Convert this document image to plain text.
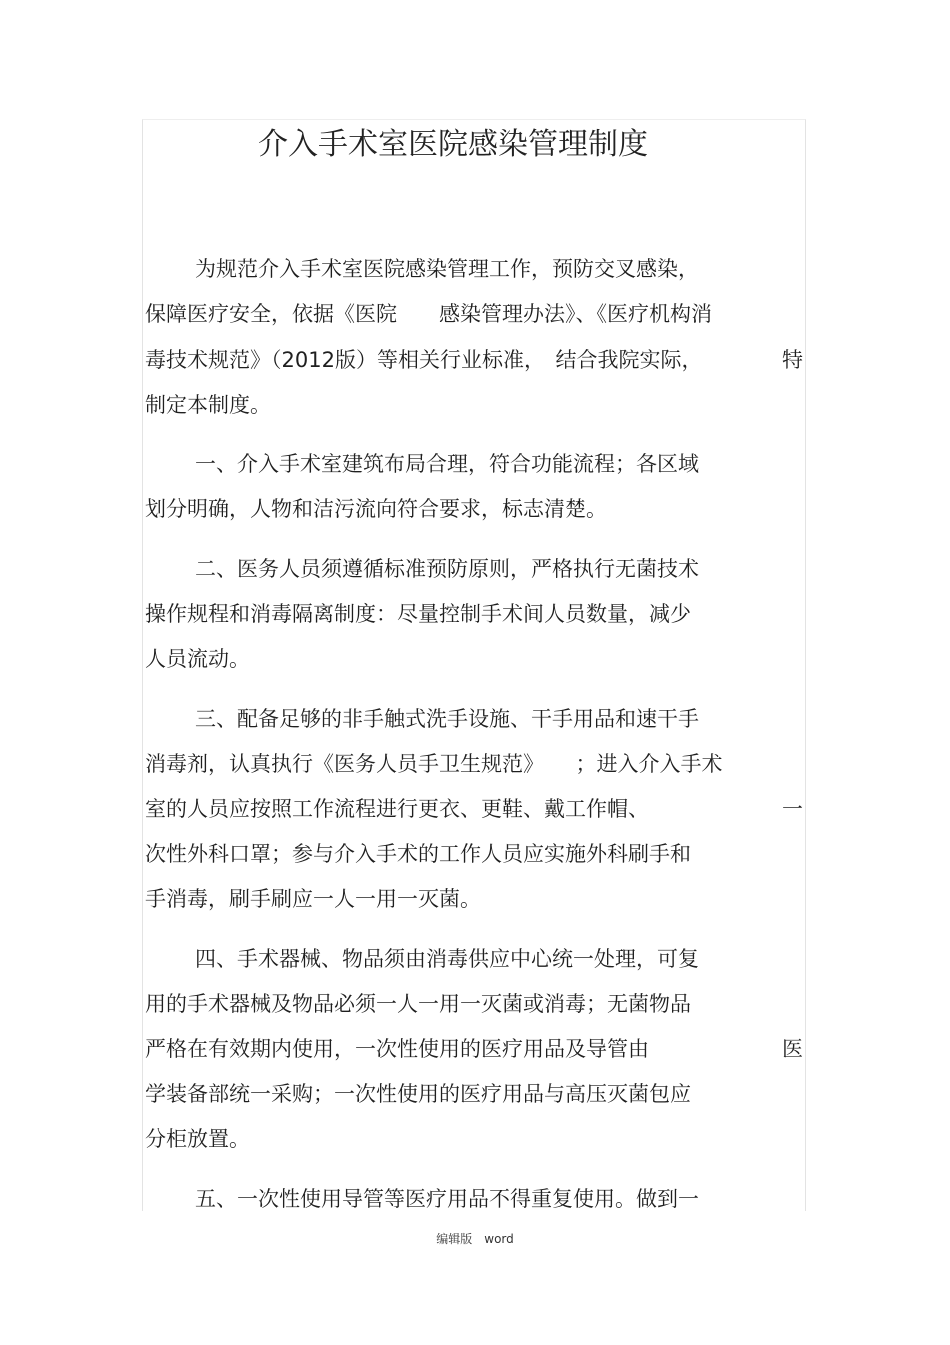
介入手术室医院感染管理制度
为规范介入手术室医院感染管理工作，预防交叉感染，
保障医疗安全，依据《医院　　感染管理办法》、《医疗机构消
毒技术规范》（2012版）等相关行业标准，　结合我院实际，	特
制定本制度。
一、介入手术室建筑布局合理，符合功能流程；各区域
划分明确，人物和洁污流向符合要求，标志清楚。
二、医务人员须遵循标准预防原则，严格执行无菌技术
操作规程和消毒隔离制度：尽量控制手术间人员数量，减少
人员流动。
三、配备足够的非手触式洗手设施、干手用品和速干手
消毒剂，认真执行《医务人员手卫生规范》　　；进入介入手术
室的人员应按照工作流程进行更衣、更鞋、戴工作帽、	一
次性外科口罩；参与介入手术的工作人员应实施外科刷手和
手消毒，刷手刷应一人一用一灭菌。
四、手术器械、物品须由消毒供应中心统一处理，可复
用的手术器械及物品必须一人一用一灭菌或消毒；无菌物品
严格在有效期内使用，一次性使用的医疗用品及导管由	医
学装备部统一采购；一次性使用的医疗用品与高压灭菌包应
分柜放置。
五、一次性使用导管等医疗用品不得重复使用。做到一
编辑版　word
